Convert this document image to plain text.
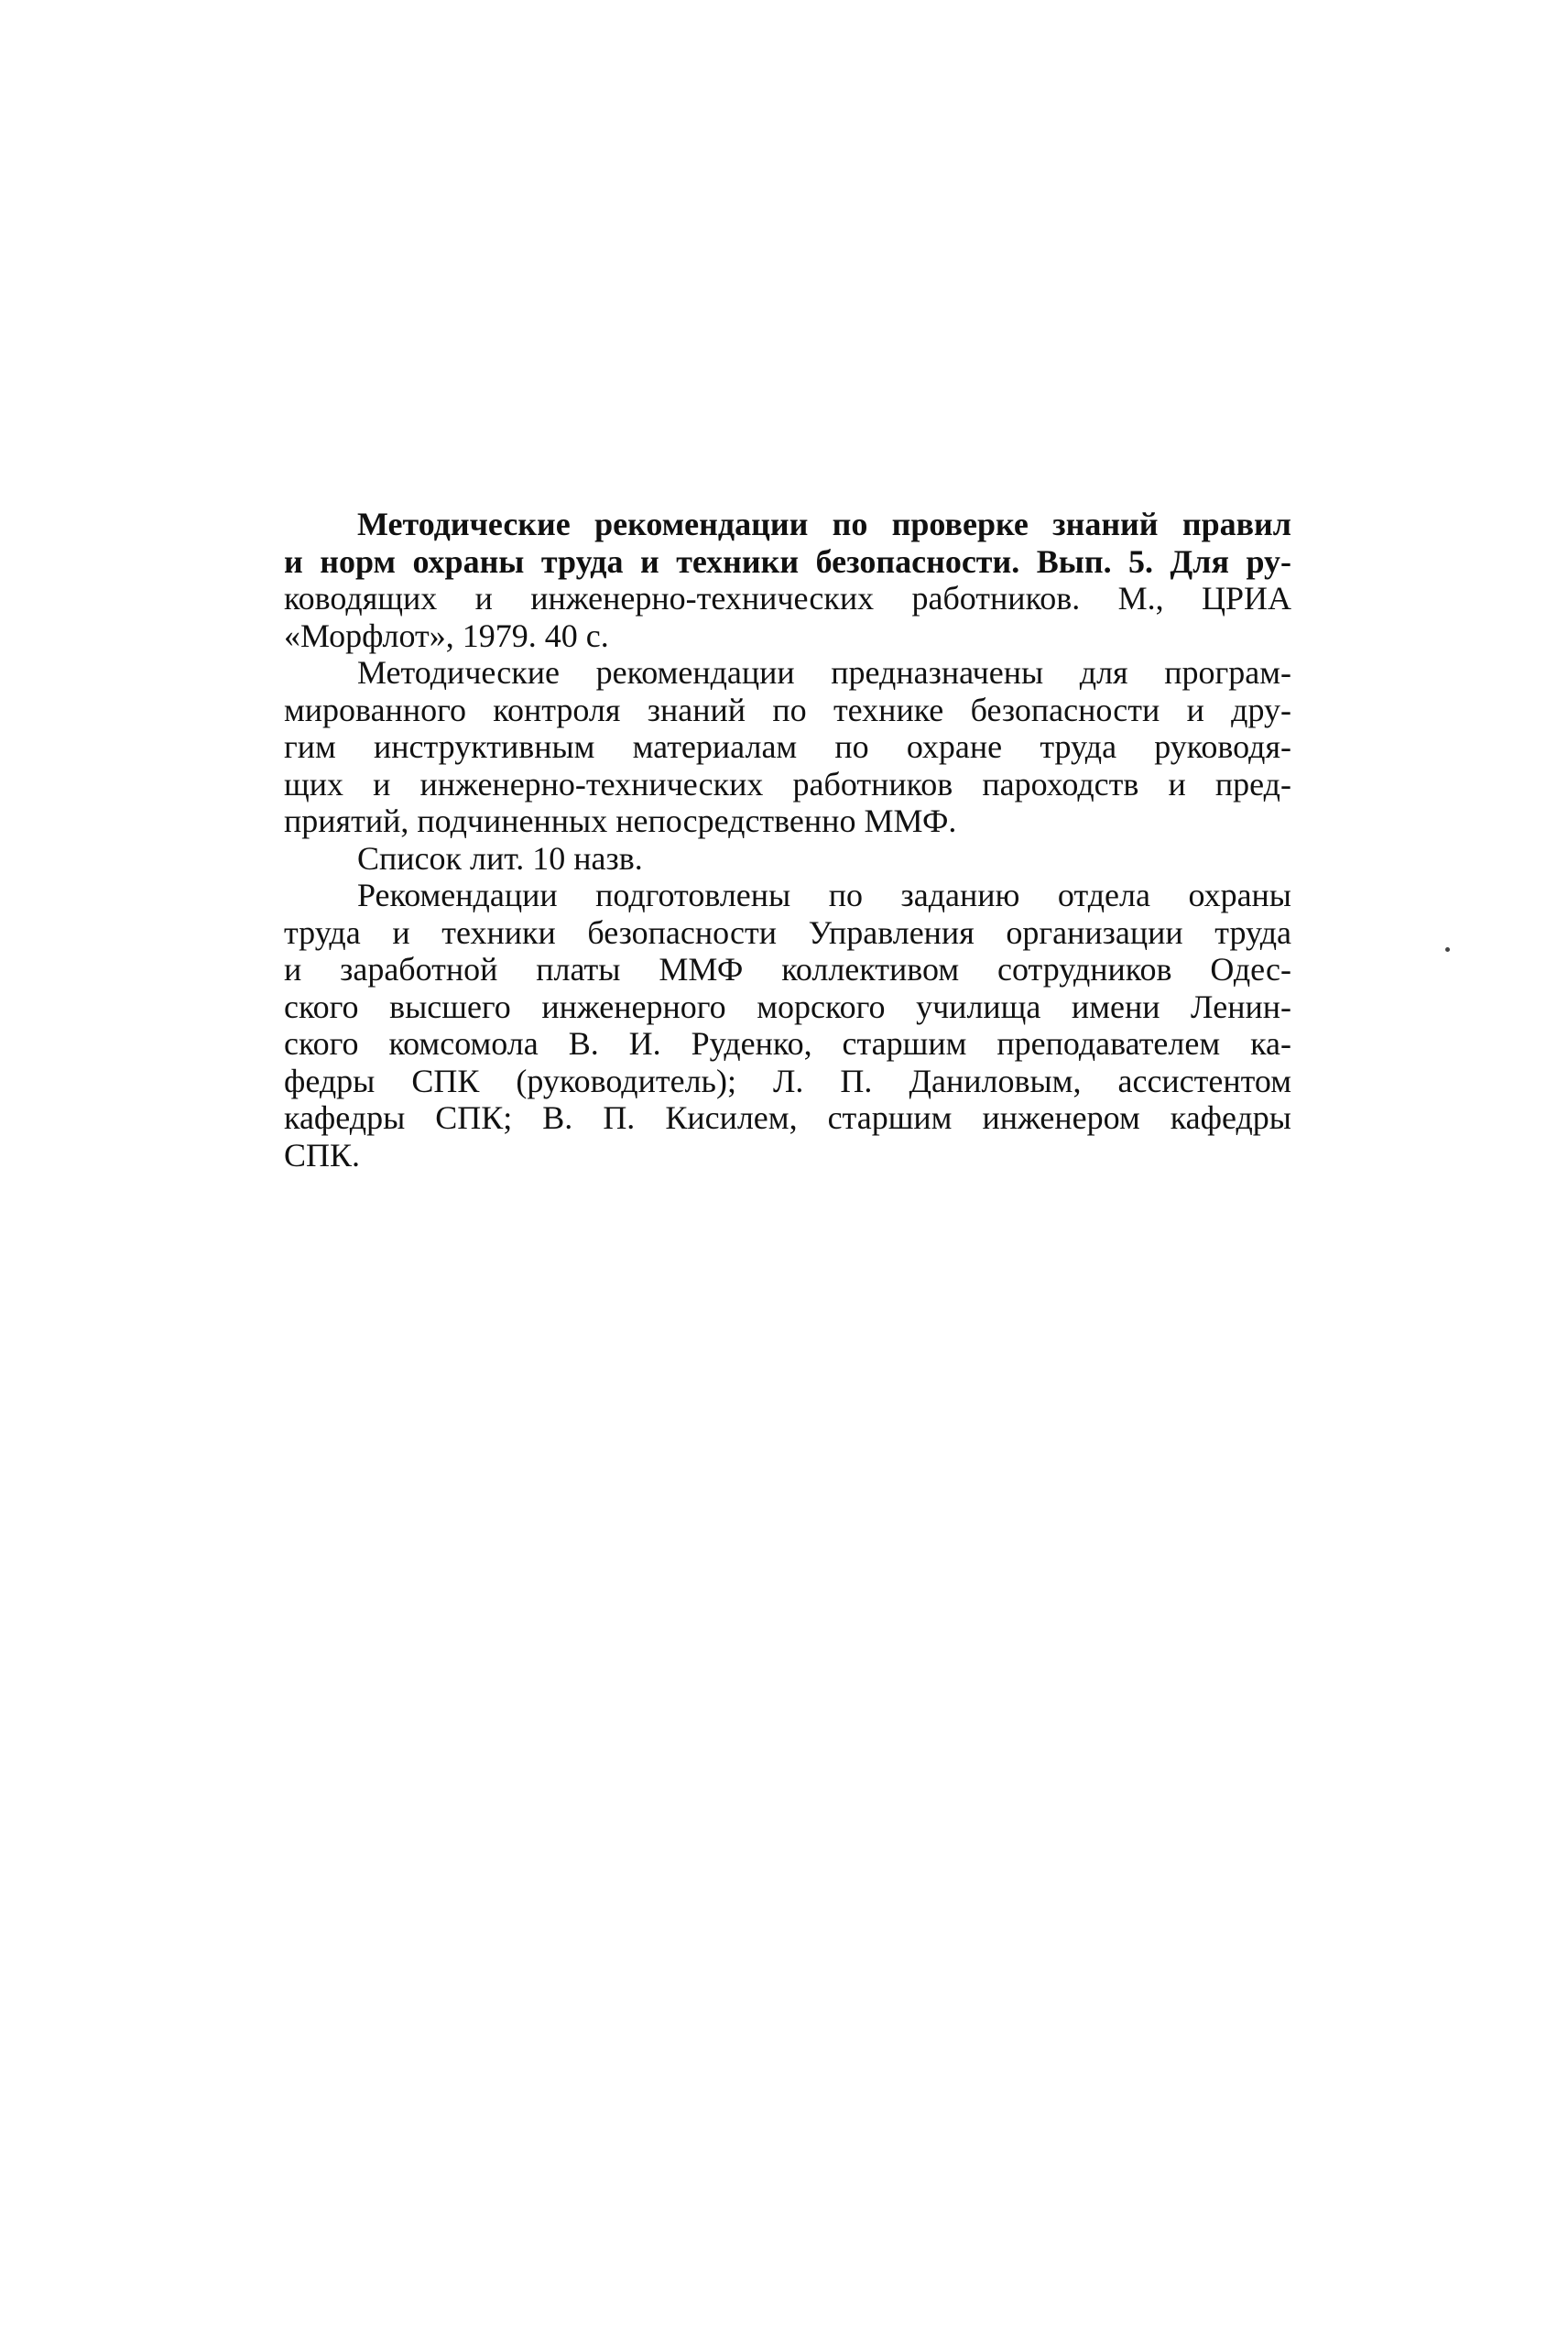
Методические рекомендации по проверке знаний правил
и норм охраны труда и техники безопасности. Вып. 5. Для ру-
ководящих и инженерно-технических работников. М., ЦРИА
«Морфлот», 1979. 40 с.
Методические рекомендации предназначены для програм-
мированного контроля знаний по технике безопасности и дру-
гим инструктивным материалам по охране труда руководя-
щих и инженерно-технических работников пароходств и пред-
приятий, подчиненных непосредственно ММФ.
Список лит. 10 назв.
Рекомендации подготовлены по заданию отдела охраны
труда и техники безопасности Управления организации труда
и заработной платы ММФ коллективом сотрудников Одес-
ского высшего инженерного морского училища имени Ленин-
ского комсомола В. И. Руденко, старшим преподавателем ка-
федры СПК (руководитель); Л. П. Даниловым, ассистентом
кафедры СПК; В. П. Кисилем, старшим инженером кафедры
СПК.
